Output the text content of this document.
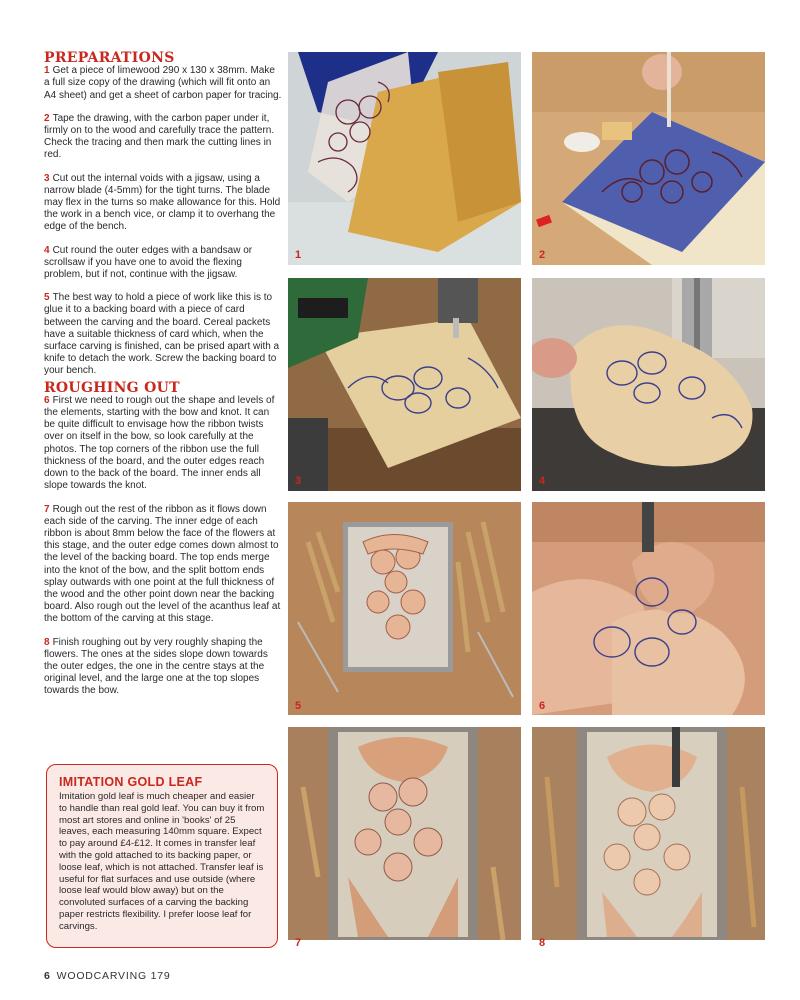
PREPARATIONS

1 Get a piece of limewood 290 x 130 x 38mm. Make a full size copy of the drawing (which will fit onto an A4 sheet) and get a sheet of carbon paper for tracing.

2 Tape the drawing, with the carbon paper under it, firmly on to the wood and carefully trace the pattern. Check the tracing and then mark the cutting lines in red.

3 Cut out the internal voids with a jigsaw, using a narrow blade (4-5mm) for the tight turns. The blade may flex in the turns so make allowance for this. Hold the work in a bench vice, or clamp it to overhang the edge of the bench.

4 Cut round the outer edges with a bandsaw or scrollsaw if you have one to avoid the flexing problem, but if not, continue with the jigsaw.

5 The best way to hold a piece of work like this is to glue it to a backing board with a piece of card between the carving and the board. Cereal packets have a suitable thickness of card which, when the surface carving is finished, can be prised apart with a knife to detach the work. Screw the backing board to your bench.

ROUGHING OUT

6 First we need to rough out the shape and levels of the elements, starting with the bow and knot. It can be quite difficult to envisage how the ribbon twists over on itself in the bow, so look carefully at the photos. The top corners of the ribbon use the full thickness of the board, and the outer edges reach down to the back of the board. The inner ends all slope towards the knot.

7 Rough out the rest of the ribbon as it flows down each side of the carving. The inner edge of each ribbon is about 8mm below the face of the flowers at this stage, and the outer edge comes down almost to the level of the backing board. The top ends merge into the knot of the bow, and the split bottom ends splay outwards with one point at the full thickness of the wood and the other point down near the backing board. Also rough out the level of the acanthus leaf at the bottom of the carving at this stage.

8 Finish roughing out by very roughly shaping the flowers. The ones at the sides slope down towards the outer edges, the one in the centre stays at the original level, and the large one at the top slopes towards the bow.

IMITATION GOLD LEAF
Imitation gold leaf is much cheaper and easier to handle than real gold leaf. You can buy it from most art stores and online in 'books' of 25 leaves, each measuring 140mm square. Expect to pay around £4-£12. It comes in transfer leaf with the gold attached to its backing paper, or loose leaf, which is not attached. Transfer leaf is useful for flat surfaces and use outside (where loose leaf would blow away) but on the convoluted surfaces of a carving the backing paper restricts flexibility. I prefer loose leaf for carvings.
1	2
3	4
5	6
7	8
6 WOODCARVING 179
